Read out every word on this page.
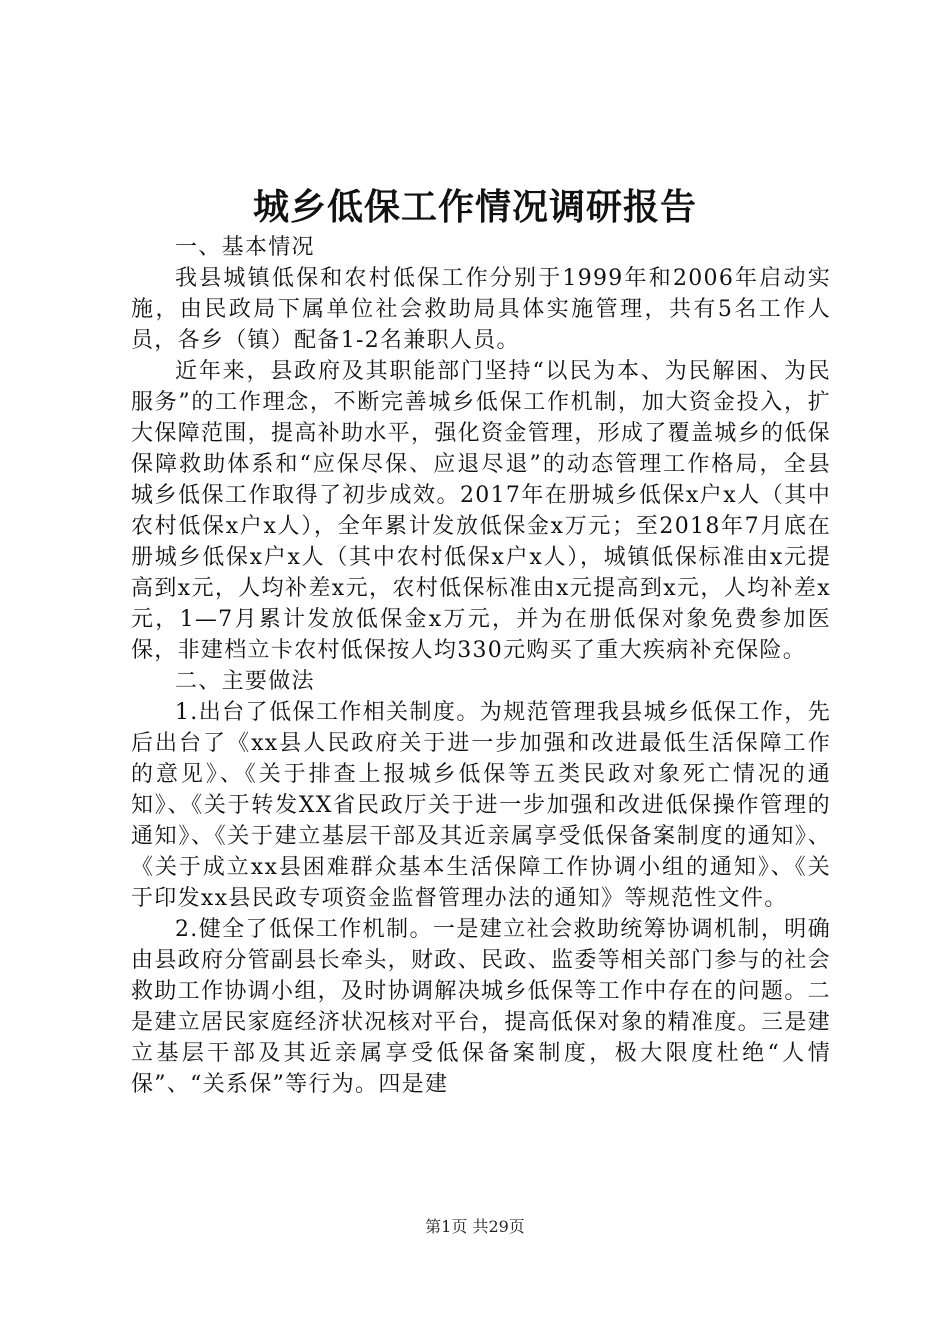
城乡低保工作情况调研报告

一、基本情况

我县城镇低保和农村低保工作分别于1999年和2006年启动实施，由民政局下属单位社会救助局具体实施管理，共有5名工作人员，各乡（镇）配备1-2名兼职人员。

近年来，县政府及其职能部门坚持“以民为本、为民解困、为民服务”的工作理念，不断完善城乡低保工作机制，加大资金投入，扩大保障范围，提高补助水平，强化资金管理，形成了覆盖城乡的低保保障救助体系和“应保尽保、应退尽退”的动态管理工作格局，全县城乡低保工作取得了初步成效。2017年在册城乡低保x户x人（其中农村低保x户x人），全年累计发放低保金x万元；至2018年7月底在册城乡低保x户x人（其中农村低保x户x人），城镇低保标准由x元提高到x元，人均补差x元，农村低保标准由x元提高到x元，人均补差x元，1—7月累计发放低保金x万元，并为在册低保对象免费参加医保，非建档立卡农村低保按人均330元购买了重大疾病补充保险。

二、主要做法

1.出台了低保工作相关制度。为规范管理我县城乡低保工作，先后出台了《xx县人民政府关于进一步加强和改进最低生活保障工作的意见》、《关于排查上报城乡低保等五类民政对象死亡情况的通知》、《关于转发XX省民政厅关于进一步加强和改进低保操作管理的通知》、《关于建立基层干部及其近亲属享受低保备案制度的通知》、《关于成立xx县困难群众基本生活保障工作协调小组的通知》、《关于印发xx县民政专项资金监督管理办法的通知》等规范性文件。

2.健全了低保工作机制。一是建立社会救助统筹协调机制，明确由县政府分管副县长牵头，财政、民政、监委等相关部门参与的社会救助工作协调小组，及时协调解决城乡低保等工作中存在的问题。二是建立居民家庭经济状况核对平台，提高低保对象的精准度。三是建立基层干部及其近亲属享受低保备案制度，极大限度杜绝“人情保”、“关系保”等行为。四是建

第1页 共29页
